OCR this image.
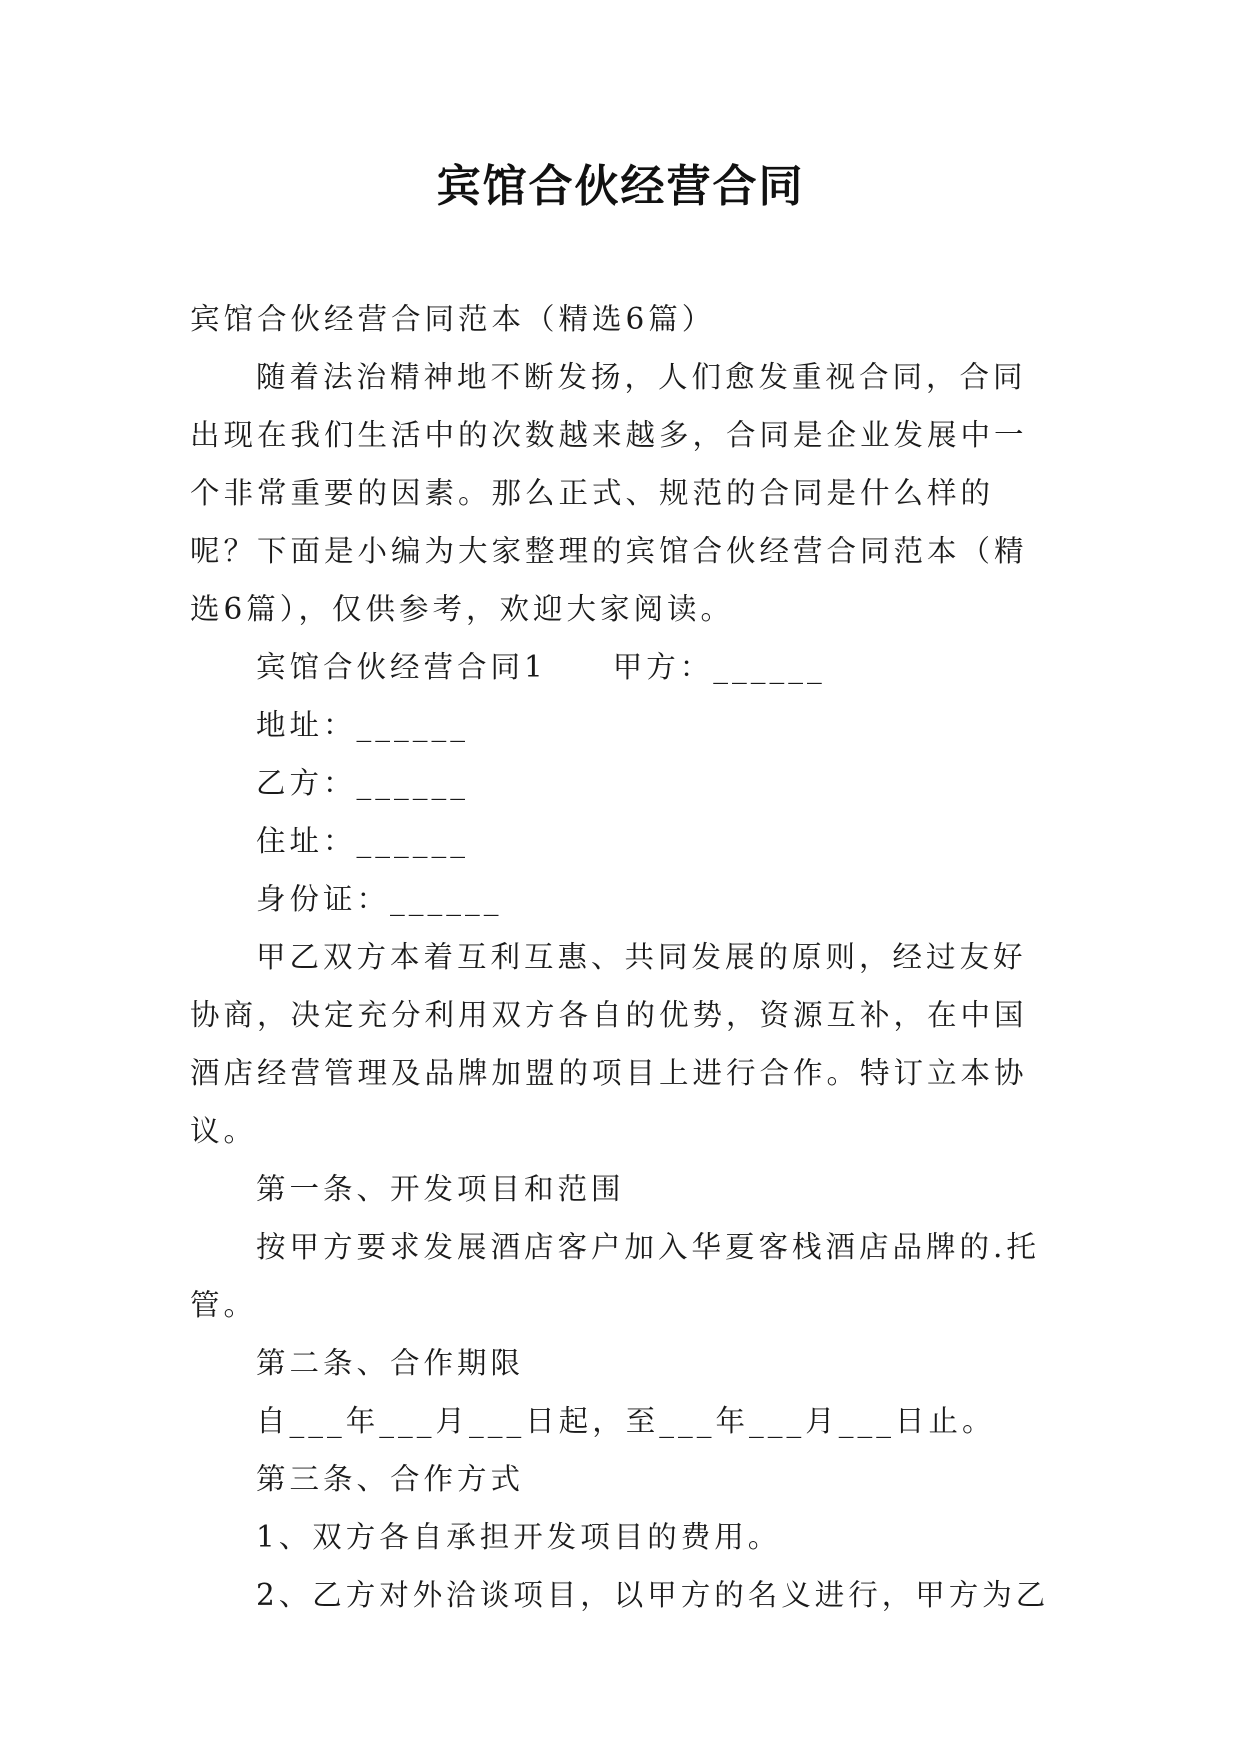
宾馆合伙经营合同

宾馆合伙经营合同范本（精选6篇）

随着法治精神地不断发扬，人们愈发重视合同，合同出现在我们生活中的次数越来越多，合同是企业发展中一个非常重要的因素。那么正式、规范的合同是什么样的呢？下面是小编为大家整理的宾馆合伙经营合同范本（精选6篇），仅供参考，欢迎大家阅读。

宾馆合伙经营合同1 甲方：______

地址：______

乙方：______

住址：______

身份证：______

甲乙双方本着互利互惠、共同发展的原则，经过友好协商，决定充分利用双方各自的优势，资源互补，在中国酒店经营管理及品牌加盟的项目上进行合作。特订立本协议。

第一条、开发项目和范围

按甲方要求发展酒店客户加入华夏客栈酒店品牌的.托管。

第二条、合作期限

自___年___月___日起，至___年___月___日止。

第三条、合作方式

1、双方各自承担开发项目的费用。

2、乙方对外洽谈项目，以甲方的名义进行，甲方为乙
